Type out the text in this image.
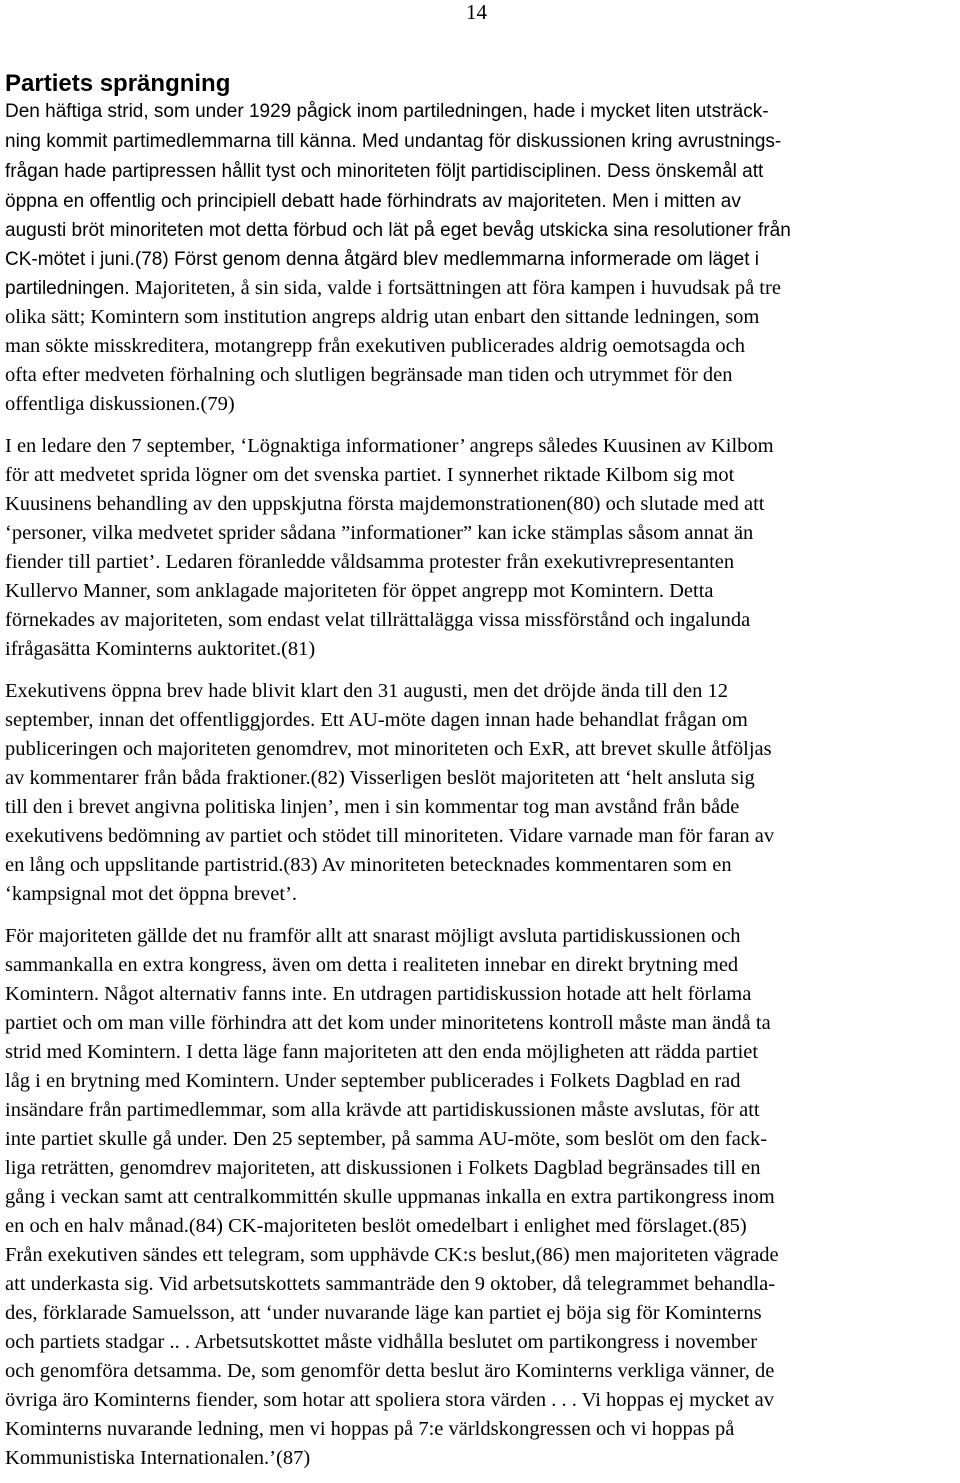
14
Partiets sprängning
Den häftiga strid, som under 1929 pågick inom partiledningen, hade i mycket liten utsträck-
ning kommit partimedlemmarna till känna. Med undantag för diskussionen kring avrustnings-
frågan hade partipressen hållit tyst och minoriteten följt partidisciplinen. Dess önskemål att
öppna en offentlig och principiell debatt hade förhindrats av majoriteten. Men i mitten av
augusti bröt minoriteten mot detta förbud och lät på eget bevåg utskicka sina resolutioner från
CK-mötet i juni.(78) Först genom denna åtgärd blev medlemmarna informerade om läget i
partiledningen. Majoriteten, å sin sida, valde i fortsättningen att föra kampen i huvudsak på tre
olika sätt; Komintern som institution angreps aldrig utan enbart den sittande ledningen, som
man sökte misskreditera, motangrepp från exekutiven publicerades aldrig oemotsagda och
ofta efter medveten förhalning och slutligen begränsade man tiden och utrymmet för den
offentliga diskussionen.(79)
I en ledare den 7 september, ‘Lögnaktiga informationer’ angreps således Kuusinen av Kilbom
för att medvetet sprida lögner om det svenska partiet. I synnerhet riktade Kilbom sig mot
Kuusinens behandling av den uppskjutna första majdemonstrationen(80) och slutade med att
‘personer, vilka medvetet sprider sådana ”informationer” kan icke stämplas såsom annat än
fiender till partiet’. Ledaren föranledde våldsamma protester från exekutivrepresentanten
Kullervo Manner, som anklagade majoriteten för öppet angrepp mot Komintern. Detta
förnekades av majoriteten, som endast velat tillrättalägga vissa missförstånd och ingalunda
ifrågasätta Kominterns auktoritet.(81)
Exekutivens öppna brev hade blivit klart den 31 augusti, men det dröjde ända till den 12
september, innan det offentliggjordes. Ett AU-möte dagen innan hade behandlat frågan om
publiceringen och majoriteten genomdrev, mot minoriteten och ExR, att brevet skulle åtföljas
av kommentarer från båda fraktioner.(82) Visserligen beslöt majoriteten att ‘helt ansluta sig
till den i brevet angivna politiska linjen’, men i sin kommentar tog man avstånd från både
exekutivens bedömning av partiet och stödet till minoriteten. Vidare varnade man för faran av
en lång och uppslitande partistrid.(83) Av minoriteten betecknades kommentaren som en
‘kampsignal mot det öppna brevet’.
För majoriteten gällde det nu framför allt att snarast möjligt avsluta partidiskussionen och
sammankalla en extra kongress, även om detta i realiteten innebar en direkt brytning med
Komintern. Något alternativ fanns inte. En utdragen partidiskussion hotade att helt förlama
partiet och om man ville förhindra att det kom under minoritetens kontroll måste man ändå ta
strid med Komintern. I detta läge fann majoriteten att den enda möjligheten att rädda partiet
låg i en brytning med Komintern. Under september publicerades i Folkets Dagblad en rad
insändare från partimedlemmar, som alla krävde att partidiskussionen måste avslutas, för att
inte partiet skulle gå under. Den 25 september, på samma AU-möte, som beslöt om den fack-
liga reträtten, genomdrev majoriteten, att diskussionen i Folkets Dagblad begränsades till en
gång i veckan samt att centralkommittén skulle uppmanas inkalla en extra partikongress inom
en och en halv månad.(84) CK-majoriteten beslöt omedelbart i enlighet med förslaget.(85)
Från exekutiven sändes ett telegram, som upphävde CK:s beslut,(86) men majoriteten vägrade
att underkasta sig. Vid arbetsutskottets sammanträde den 9 oktober, då telegrammet behandla-
des, förklarade Samuelsson, att ‘under nuvarande läge kan partiet ej böja sig för Kominterns
och partiets stadgar .. . Arbetsutskottet måste vidhålla beslutet om partikongress i november
och genomföra detsamma. De, som genomför detta beslut äro Kominterns verkliga vänner, de
övriga äro Kominterns fiender, som hotar att spoliera stora värden . . . Vi hoppas ej mycket av
Kominterns nuvarande ledning, men vi hoppas på 7:e världskongressen och vi hoppas på
Kommunistiska Internationalen.’(87)
